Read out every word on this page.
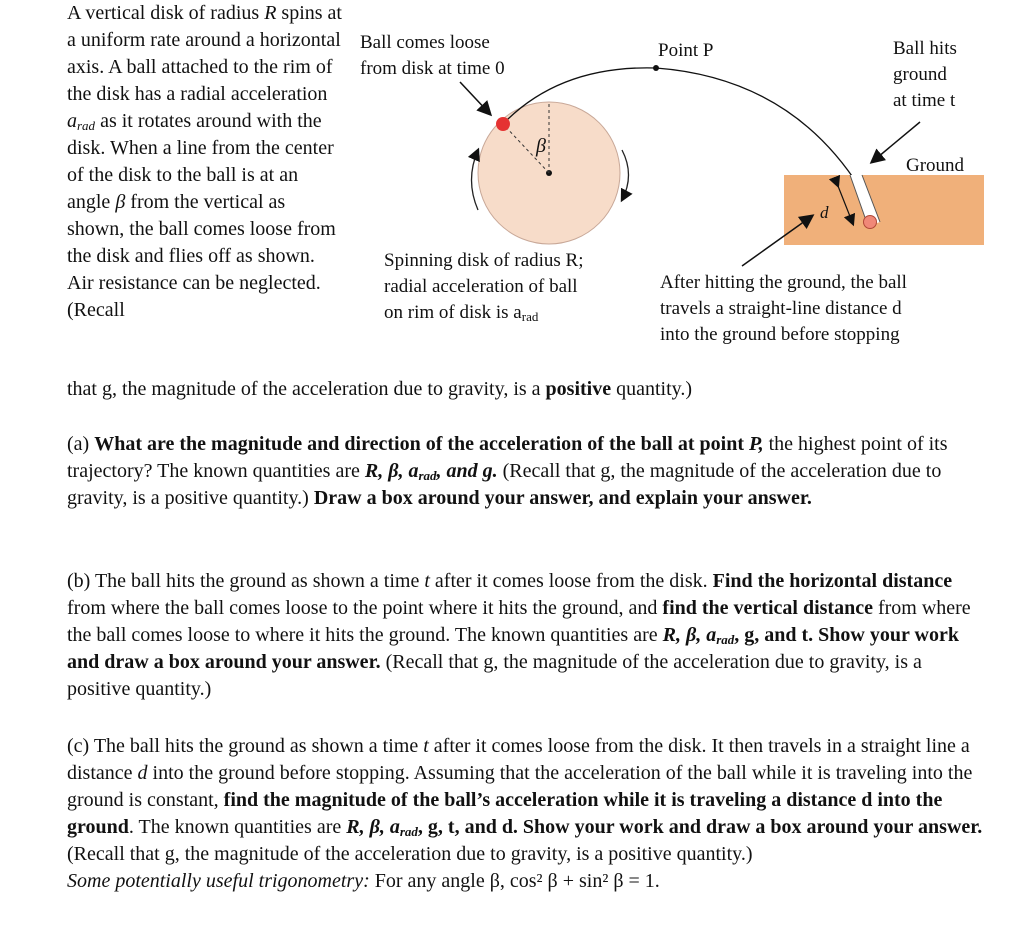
A vertical disk of radius R spins at a uniform rate around a horizontal axis. A ball attached to the rim of the disk has a radial acceleration $a_{rad}$ as it rotates around with the disk. When a line from the center of the disk to the ball is at an angle β from the vertical as shown, the ball comes loose from the disk and flies off as shown. Air resistance can be neglected. (Recall
that g, the magnitude of the acceleration due to gravity, is a positive quantity.)
β
d
Ball comes loose
from disk at time 0
Point P	Ball hits
ground
at time t
Ground
Spinning disk of radius R;
radial acceleration of ball
on rim of disk is $a_{rad}$
After hitting the ground, the ball
travels a straight-line distance d
into the ground before stopping
(a) What are the magnitude and direction of the acceleration of the ball at point P, the highest point of its trajectory? The known quantities are R, β, $a_{rad}$, and g. (Recall that g, the magnitude of the acceleration due to gravity, is a positive quantity.) Draw a box around your answer, and explain your answer.
(b) The ball hits the ground as shown a time t after it comes loose from the disk. Find the horizontal distance from where the ball comes loose to the point where it hits the ground, and find the vertical distance from where the ball comes loose to where it hits the ground. The known quantities are R, β, $a_{rad}$, g, and t. Show your work and draw a box around your answer. (Recall that g, the magnitude of the acceleration due to gravity, is a positive quantity.)
(c) The ball hits the ground as shown a time t after it comes loose from the disk. It then travels in a straight line a distance d into the ground before stopping. Assuming that the acceleration of the ball while it is traveling into the ground is constant, find the magnitude of the ball’s acceleration while it is traveling a distance d into the ground. The known quantities are R, β, $a_{rad}$, g, t, and d. Show your work and draw a box around your answer. (Recall that g, the magnitude of the acceleration due to gravity, is a positive quantity.)
Some potentially useful trigonometry: For any angle β, cos² β + sin² β = 1.
